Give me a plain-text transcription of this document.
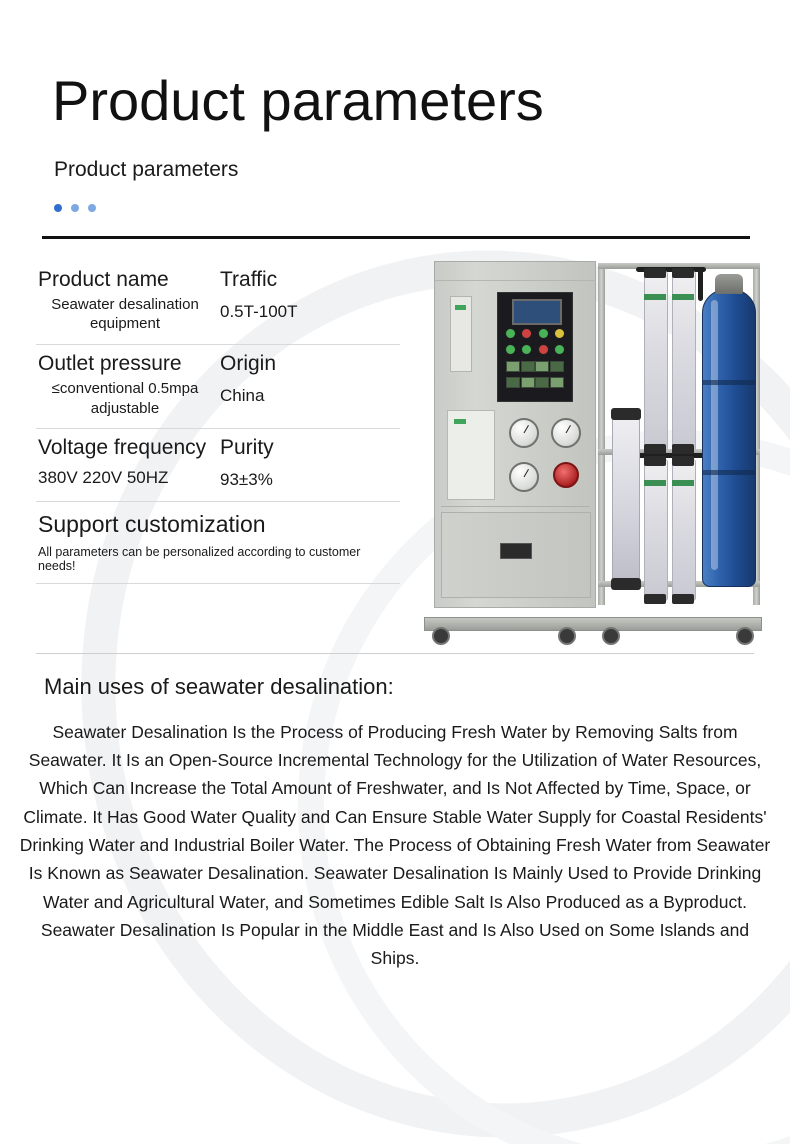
Product parameters
Product parameters
Product name
Seawater desalination equipment
Traffic
0.5T-100T
Outlet pressure
≤conventional 0.5mpa adjustable
Origin
China
Voltage frequency
380V 220V 50HZ
Purity
93±3%
Support customization
All parameters can be personalized according to customer needs!
Main uses of seawater desalination:
Seawater Desalination Is the Process of Producing Fresh Water by Removing Salts from Seawater. It Is an Open-Source Incremental Technology for the Utilization of Water Resources, Which Can Increase the Total Amount of Freshwater, and Is Not Affected by Time, Space, or Climate. It Has Good Water Quality and Can Ensure Stable Water Supply for Coastal Residents' Drinking Water and Industrial Boiler Water. The Process of Obtaining Fresh Water from Seawater Is Known as Seawater Desalination. Seawater Desalination Is Mainly Used to Provide Drinking Water and Agricultural Water, and Sometimes Edible Salt Is Also Produced as a Byproduct. Seawater Desalination Is Popular in the Middle East and Is Also Used on Some Islands and Ships.
